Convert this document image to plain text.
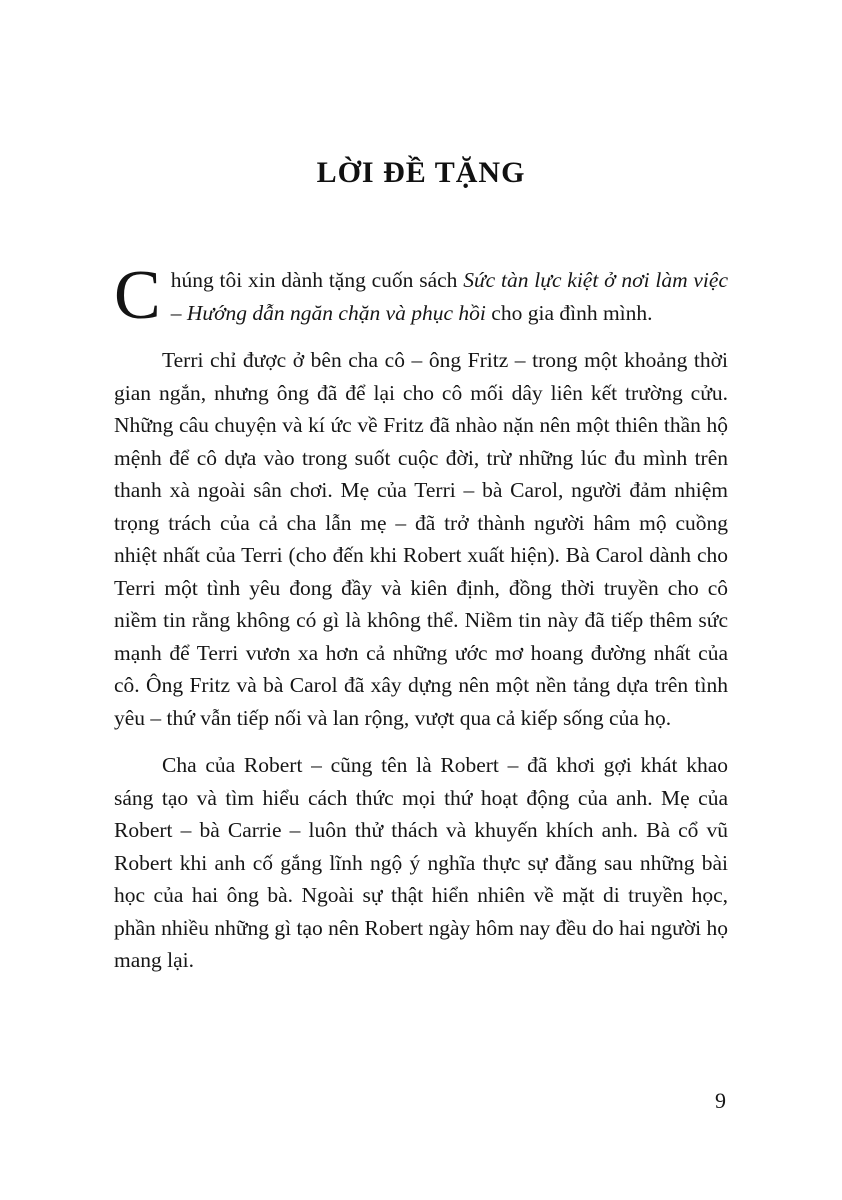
LỜI ĐỀ TẶNG

Chúng tôi xin dành tặng cuốn sách Sức tàn lực kiệt ở nơi làm việc – Hướng dẫn ngăn chặn và phục hồi cho gia đình mình.

Terri chỉ được ở bên cha cô – ông Fritz – trong một khoảng thời gian ngắn, nhưng ông đã để lại cho cô mối dây liên kết trường cửu. Những câu chuyện và kí ức về Fritz đã nhào nặn nên một thiên thần hộ mệnh để cô dựa vào trong suốt cuộc đời, trừ những lúc đu mình trên thanh xà ngoài sân chơi. Mẹ của Terri – bà Carol, người đảm nhiệm trọng trách của cả cha lẫn mẹ – đã trở thành người hâm mộ cuồng nhiệt nhất của Terri (cho đến khi Robert xuất hiện). Bà Carol dành cho Terri một tình yêu đong đầy và kiên định, đồng thời truyền cho cô niềm tin rằng không có gì là không thể. Niềm tin này đã tiếp thêm sức mạnh để Terri vươn xa hơn cả những ước mơ hoang đường nhất của cô. Ông Fritz và bà Carol đã xây dựng nên một nền tảng dựa trên tình yêu – thứ vẫn tiếp nối và lan rộng, vượt qua cả kiếp sống của họ.

Cha của Robert – cũng tên là Robert – đã khơi gợi khát khao sáng tạo và tìm hiểu cách thức mọi thứ hoạt động của anh. Mẹ của Robert – bà Carrie – luôn thử thách và khuyến khích anh. Bà cổ vũ Robert khi anh cố gắng lĩnh ngộ ý nghĩa thực sự đằng sau những bài học của hai ông bà. Ngoài sự thật hiển nhiên về mặt di truyền học, phần nhiều những gì tạo nên Robert ngày hôm nay đều do hai người họ mang lại.

9
